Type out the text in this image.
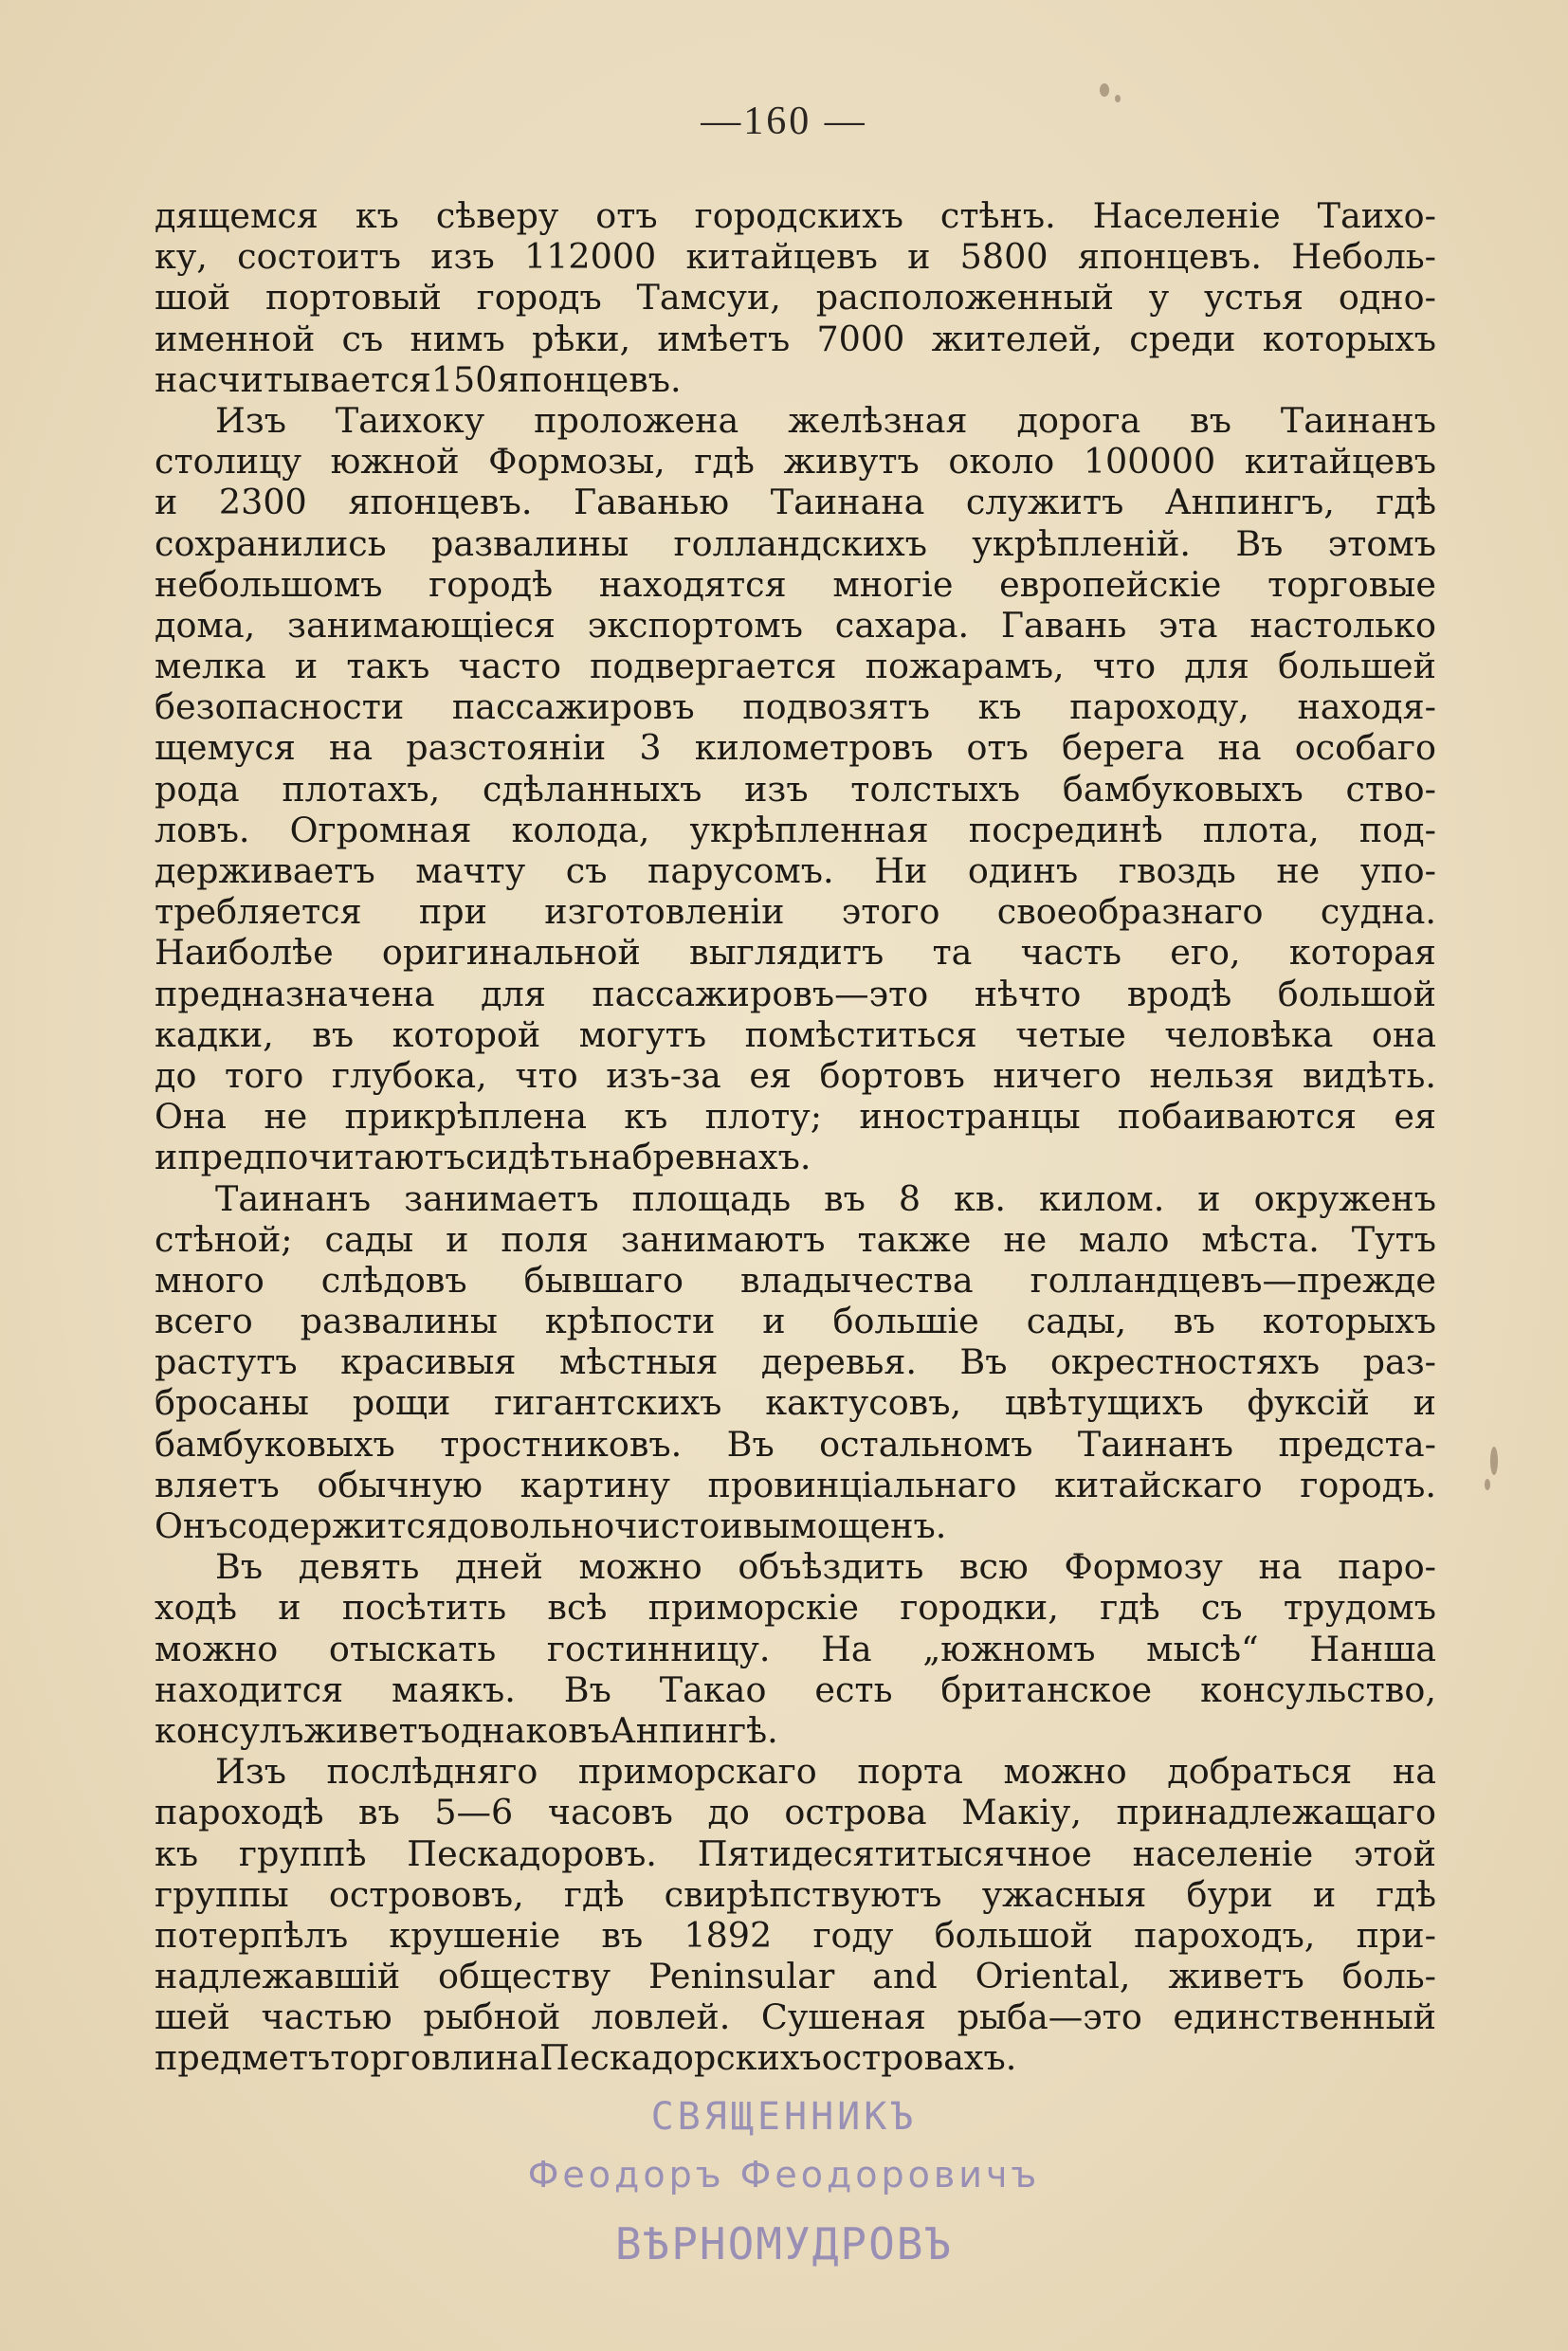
—160 —
дящемся къ сѣверу отъ городскихъ стѣнъ. Населеніе Таихо-
ку, состоитъ изъ 112000 китайцевъ и 5800 японцевъ. Неболь-
шой портовый городъ Тамсуи, расположенный у устья одно-
именной съ нимъ рѣки, имѣетъ 7000 жителей, среди которыхъ
насчитывается 150 японцевъ.
Изъ Таихоку проложена желѣзная дорога въ Таинанъ
столицу южной Формозы, гдѣ живутъ около 100000 китайцевъ
и 2300 японцевъ. Гаванью Таинана служитъ Анпингъ, гдѣ
сохранились развалины голландскихъ укрѣпленій. Въ этомъ
небольшомъ городѣ находятся многіе европейскіе торговые
дома, занимающіеся экспортомъ сахара. Гавань эта настолько
мелка и такъ часто подвергается пожарамъ, что для большей
безопасности пассажировъ подвозятъ къ пароходу, находя-
щемуся на разстояніи 3 километровъ отъ берега на особаго
рода плотахъ, сдѣланныхъ изъ толстыхъ бамбуковыхъ ство-
ловъ. Огромная колода, укрѣпленная посрединѣ плота, под-
держиваетъ мачту съ парусомъ. Ни одинъ гвоздь не упо-
требляется при изготовленіи этого своеобразнаго судна.
Наиболѣе оригинальной выглядитъ та часть его, которая
предназначена для пассажировъ—это нѣчто вродѣ большой
кадки, въ которой могутъ помѣститься четые человѣка она
до того глубока, что изъ-за ея бортовъ ничего нельзя видѣть.
Она не прикрѣплена къ плоту; иностранцы побаиваются ея
и предпочитаютъ сидѣть на бревнахъ.
Таинанъ занимаетъ площадь въ 8 кв. килом. и окруженъ
стѣной; сады и поля занимаютъ также не мало мѣста. Тутъ
много слѣдовъ бывшаго владычества голландцевъ—прежде
всего развалины крѣпости и большіе сады, въ которыхъ
растутъ красивыя мѣстныя деревья. Въ окрестностяхъ раз-
бросаны рощи гигантскихъ кактусовъ, цвѣтущихъ фуксій и
бамбуковыхъ тростниковъ. Въ остальномъ Таинанъ предста-
вляетъ обычную картину провинціальнаго китайскаго городъ.
Онъ содержится довольно чисто и вымощенъ.
Въ девять дней можно объѣздить всю Формозу на паро-
ходѣ и посѣтить всѣ приморскіе городки, гдѣ съ трудомъ
можно отыскать гостинницу. На „южномъ мысѣ“ Нанша
находится маякъ. Въ Такао есть британское консульство,
консулъ живетъ однако въ Анпингѣ.
Изъ послѣдняго приморскаго порта можно добраться на
пароходѣ въ 5—6 часовъ до острова Макіу, принадлежащаго
къ группѣ Пескадоровъ. Пятидесятитысячное населеніе этой
группы острововъ, гдѣ свирѣпствуютъ ужасныя бури и гдѣ
потерпѣлъ крушеніе въ 1892 году большой пароходъ, при-
надлежавшій обществу Peninsular and Oriental, живетъ боль-
шей частью рыбной ловлей. Сушеная рыба—это единственный
предметъ торговли на Пескадорскихъ островахъ.
СВЯЩЕННИКЪ
Феодоръ Феодоровичъ
ВѢРНОМУДРОВЪ
